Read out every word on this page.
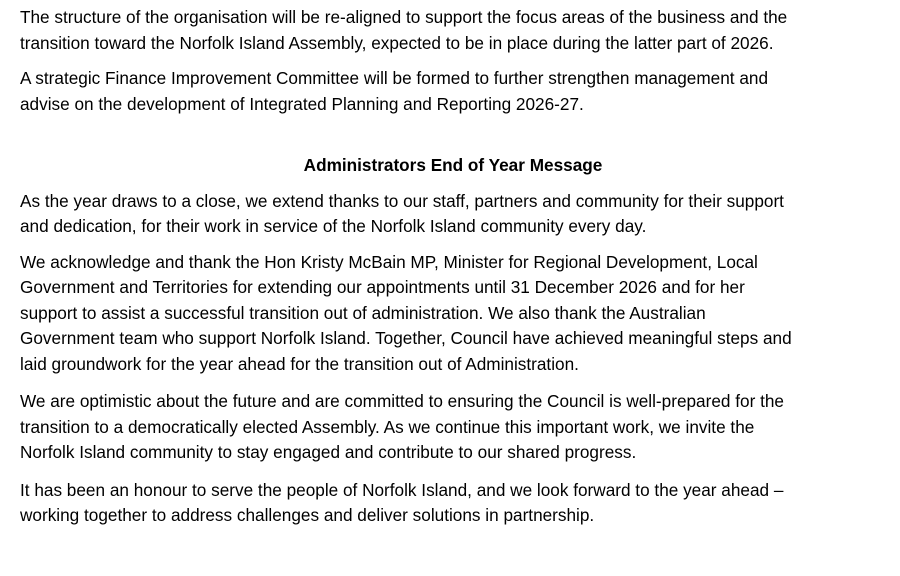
The structure of the organisation will be re-aligned to support the focus areas of the business and the
transition toward the Norfolk Island Assembly, expected to be in place during the latter part of 2026.

A strategic Finance Improvement Committee will be formed to further strengthen management and
advise on the development of Integrated Planning and Reporting 2026-27.

Administrators End of Year Message

As the year draws to a close, we extend thanks to our staff, partners and community for their support
and dedication, for their work in service of the Norfolk Island community every day.

We acknowledge and thank the Hon Kristy McBain MP, Minister for Regional Development, Local
Government and Territories for extending our appointments until 31 December 2026 and for her
support to assist a successful transition out of administration. We also thank the Australian
Government team who support Norfolk Island. Together, Council have achieved meaningful steps and
laid groundwork for the year ahead for the transition out of Administration.

We are optimistic about the future and are committed to ensuring the Council is well-prepared for the
transition to a democratically elected Assembly. As we continue this important work, we invite the
Norfolk Island community to stay engaged and contribute to our shared progress.

It has been an honour to serve the people of Norfolk Island, and we look forward to the year ahead –
working together to address challenges and deliver solutions in partnership.
